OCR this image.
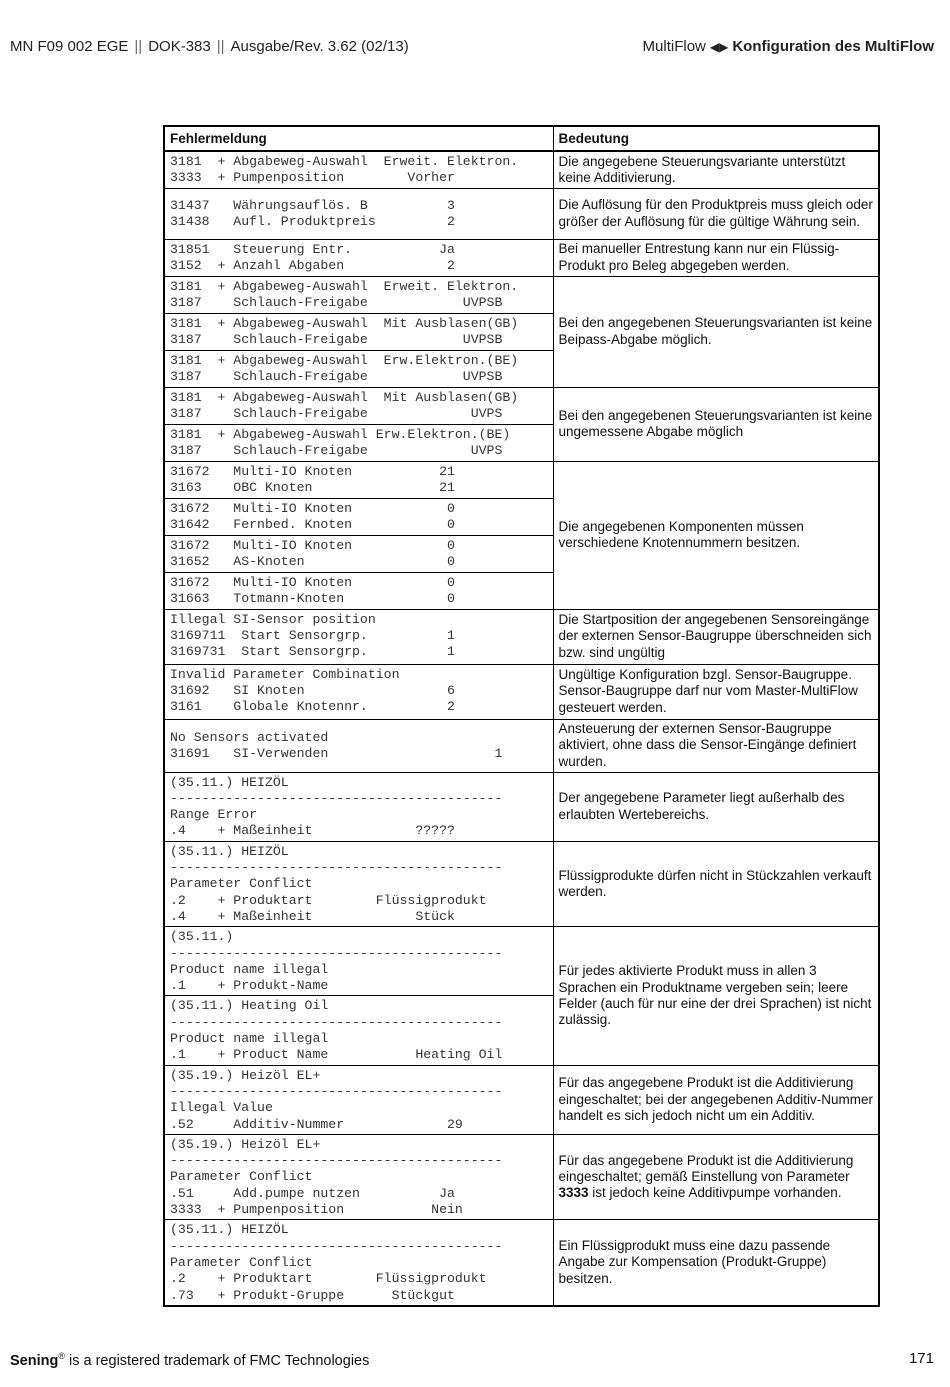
MN F09 002 EGE || DOK-383 || Ausgabe/Rev. 3.62 (02/13)	MultiFlow ◀▶ Konfiguration des MultiFlow
Fehlermeldung	Bedeutung
3181  + Abgabeweg-Auswahl  Erweit. Elektron.
3333  + Pumpenposition        Vorher	Die angegebene Steuerungsvariante unterstützt keine Additivierung.
31437   Währungsauflös. B          3
31438   Aufl. Produktpreis         2	Die Auflösung für den Produktpreis muss gleich oder größer der Auflösung für die gültige Währung sein.
31851   Steuerung Entr.           Ja
3152  + Anzahl Abgaben             2	Bei manueller Entrestung kann nur ein Flüssig-Produkt pro Beleg abgegeben werden.
3181  + Abgabeweg-Auswahl  Erweit. Elektron.
3187    Schlauch-Freigabe            UVPSB	Bei den angegebenen Steuerungsvarianten ist keine Beipass-Abgabe möglich.
3181  + Abgabeweg-Auswahl  Mit Ausblasen(GB)
3187    Schlauch-Freigabe            UVPSB	
3181  + Abgabeweg-Auswahl  Erw.Elektron.(BE)
3187    Schlauch-Freigabe            UVPSB	
3181  + Abgabeweg-Auswahl  Mit Ausblasen(GB)
3187    Schlauch-Freigabe             UVPS	Bei den angegebenen Steuerungsvarianten ist keine ungemessene Abgabe möglich
3181  + Abgabeweg-Auswahl Erw.Elektron.(BE)
3187    Schlauch-Freigabe             UVPS	
31672   Multi-IO Knoten           21
3163    OBC Knoten                21	Die angegebenen Komponenten müssen verschiedene Knotennummern besitzen.
31672   Multi-IO Knoten            0
31642   Fernbed. Knoten            0	
31672   Multi-IO Knoten            0
31652   AS-Knoten                  0	
31672   Multi-IO Knoten            0
31663   Totmann-Knoten             0	
Illegal SI-Sensor position
3169711  Start Sensorgrp.          1
3169731  Start Sensorgrp.          1	Die Startposition der angegebenen Sensoreingänge der externen Sensor-Baugruppe überschneiden sich bzw. sind ungültig
Invalid Parameter Combination
31692   SI Knoten                  6
3161    Globale Knotennr.          2	Ungültige Konfiguration bzgl. Sensor-Baugruppe. Sensor-Baugruppe darf nur vom Master-MultiFlow gesteuert werden.
No Sensors activated
31691   SI-Verwenden                     1	Ansteuerung der externen Sensor-Baugruppe aktiviert, ohne dass die Sensor-Eingänge definiert wurden.
(35.11.) HEIZÖL
------------------------------------------
Range Error
.4    + Maßeinheit             ?????	Der angegebene Parameter liegt außerhalb des erlaubten Wertebereichs.
(35.11.) HEIZÖL
------------------------------------------
Parameter Conflict
.2    + Produktart        Flüssigprodukt
.4    + Maßeinheit             Stück	Flüssigprodukte dürfen nicht in Stückzahlen verkauft werden.
(35.11.)
------------------------------------------
Product name illegal
.1    + Produkt-Name	Für jedes aktivierte Produkt muss in allen 3 Sprachen ein Produktname vergeben sein; leere Felder (auch für nur eine der drei Sprachen) ist nicht zulässig.
(35.11.) Heating Oil
------------------------------------------
Product name illegal
.1    + Product Name           Heating Oil	
(35.19.) Heizöl EL+
------------------------------------------
Illegal Value
.52     Additiv-Nummer             29	Für das angegebene Produkt ist die Additivierung eingeschaltet; bei der angegebenen Additiv-Nummer handelt es sich jedoch nicht um ein Additiv.
(35.19.) Heizöl EL+
------------------------------------------
Parameter Conflict
.51     Add.pumpe nutzen          Ja
3333  + Pumpenposition           Nein	Für das angegebene Produkt ist die Additivierung eingeschaltet; gemäß Einstellung von Parameter 3333 ist jedoch keine Additivpumpe vorhanden.
(35.11.) HEIZÖL
------------------------------------------
Parameter Conflict
.2    + Produktart        Flüssigprodukt
.73   + Produkt-Gruppe      Stückgut	Ein Flüssigprodukt muss eine dazu passende Angabe zur Kompensation (Produkt-Gruppe) besitzen.
Sening® is a registered trademark of FMC Technologies	171
